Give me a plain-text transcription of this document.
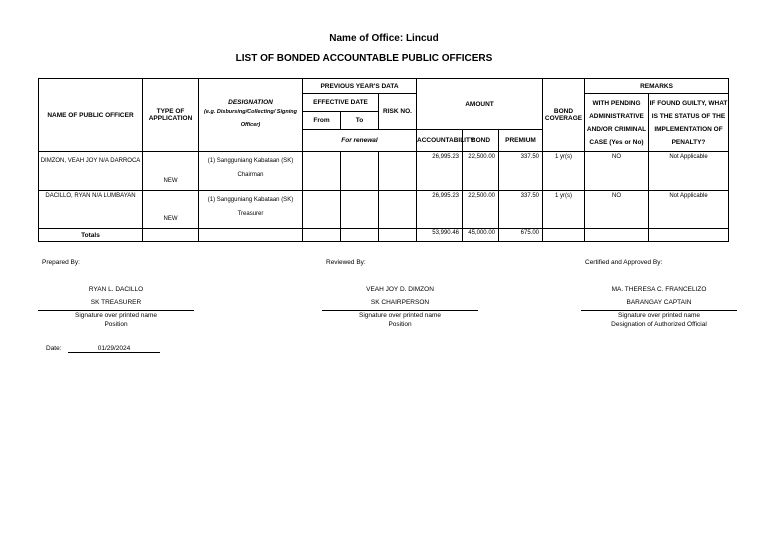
Name of Office: Lincud
LIST OF BONDED ACCOUNTABLE PUBLIC OFFICERS
NAME OF PUBLIC OFFICER	TYPE OF APPLICATION	DESIGNATION
(e.g. Disbursing/Collecting/ Signing Officer)	PREVIOUS YEAR'S DATA			AMOUNT			BOND COVERAGE	REMARKS	
			EFFECTIVE DATE		RISK NO.					WITH PENDING ADMINISTRATIVE AND/OR CRIMINAL CASE (Yes or No)	IF FOUND GUILTY, WHAT IS THE STATUS OF THE IMPLEMENTATION OF PENALTY?
			From	To							
			For renewal			ACCOUNTABILITY	BOND	PREMIUM			
DIMZON, VEAH JOY N/A DARROCA	NEW	(1) Sangguniang Kabataan (SK) Chairman				26,995.23	22,500.00	337.50	1 yr(s)	NO	Not Applicable
DACILLO, RYAN N/A LUMBAYAN	NEW	(1) Sangguniang Kabataan (SK) Treasurer				26,995.23	22,500.00	337.50	1 yr(s)	NO	Not Applicable
Totals						53,990.46	45,000.00	675.00			
Prepared By:	Reviewed By:	Certified and Approved By:
RYAN L. DACILLO
SK TREASURER
Signature over printed name
Position
VEAH JOY D. DIMZON
SK CHAIRPERSON
Signature over printed name
Position
MA. THERESA C. FRANCELIZO
BARANGAY CAPTAIN
Signature over printed name
Designation of Authorized Official
Date:	01/29/2024
